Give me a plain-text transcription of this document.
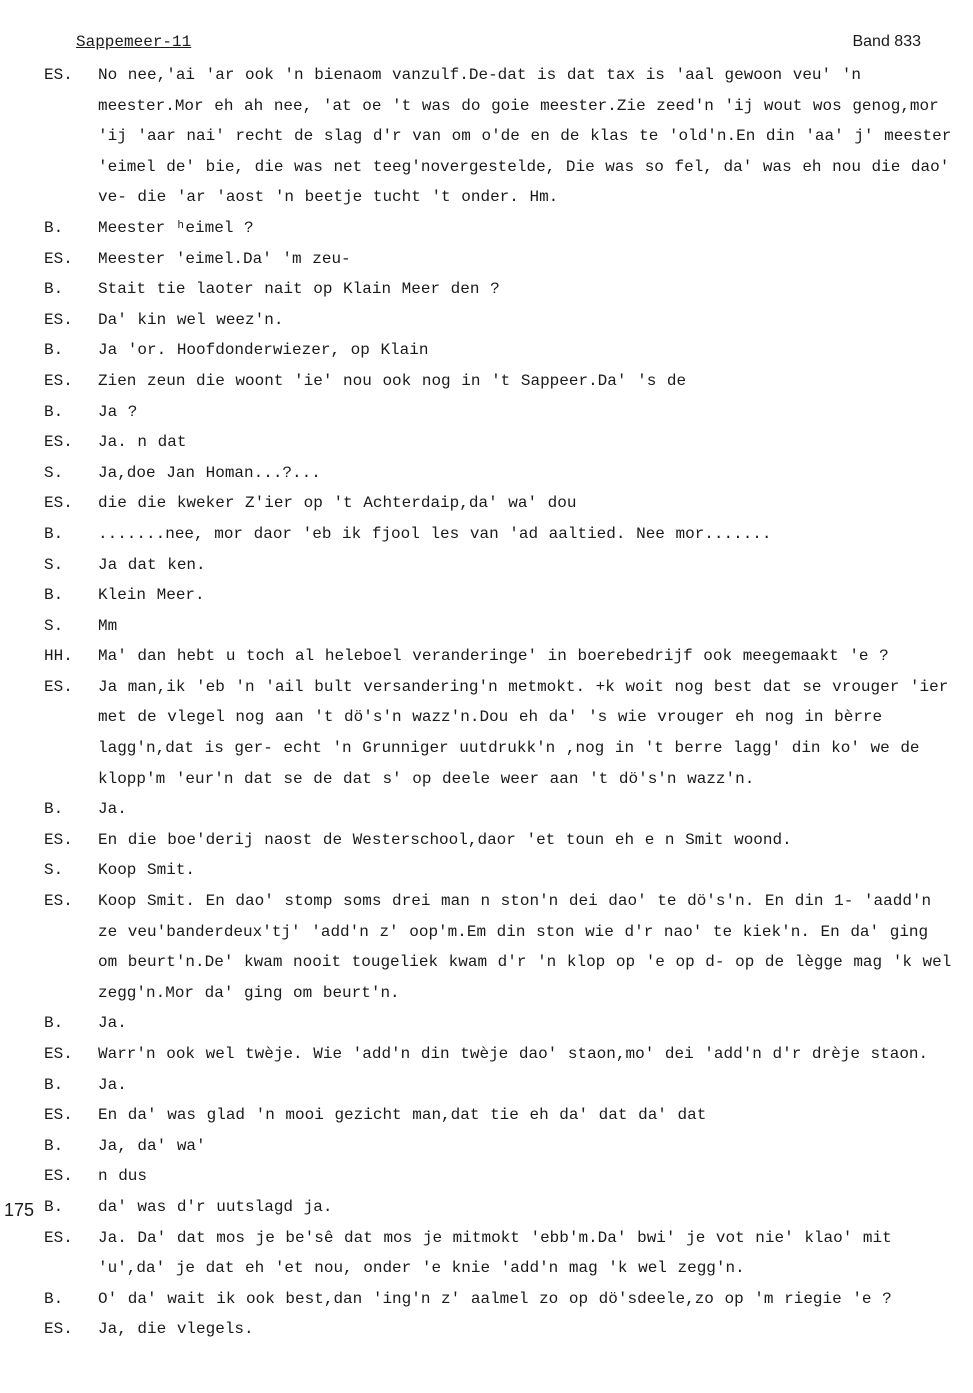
Sappemeer-11	Band 833
175
ES.	No nee,'ai 'ar ook 'n bienaom vanzulf.De-dat is dat tax is 'aal gewoon veu' 'n meester.Mor eh ah nee, 'at oe 't was do goie meester.Zie zeed'n 'ij wout wos genog,mor 'ij 'aar nai' recht de slag d'r van om o'de en de klas te 'old'n.En din 'aa' j' meester 'eimel de' bie, die was net teeg'novergestelde, Die was so fel, da' was eh nou die dao' ve- die 'ar 'aost 'n beetje tucht 't onder. Hm.
B.	Meester ʰeimel ?
ES.	Meester 'eimel.Da' 'm zeu-
B.	Stait tie laoter nait op Klain Meer den ?
ES.	Da' kin wel weez'n.
B.	Ja 'or. Hoofdonderwiezer, op Klain
ES.	Zien zeun die woont 'ie' nou ook nog in 't Sappeer.Da' 's de
B.	Ja ?
ES.	Ja. n dat
S.	Ja,doe Jan Homan...?...
ES.	die die kweker Z'ier op 't Achterdaip,da' wa' dou
B.	.......nee, mor daor 'eb ik fjool les van 'ad aaltied. Nee mor.......
S.	Ja dat ken.
B.	Klein Meer.
S.	Mm
HH.	Ma' dan hebt u toch al heleboel veranderinge' in boerebedrijf ook meegemaakt 'e ?
ES.	Ja man,ik 'eb 'n 'ail bult versandering'n metmokt. +k woit nog best dat se vrouger 'ier met de vlegel nog aan 't dö's'n wazz'n.Dou eh da' 's wie vrouger eh nog in bèrre lagg'n,dat is ger- echt 'n Grunniger uutdrukk'n ,nog in 't berre lagg' din ko' we de klopp'm 'eur'n dat se de dat s' op deele weer aan 't dö's'n wazz'n.
B.	Ja.
ES.	En die boe'derij naost de Westerschool,daor 'et toun eh e n Smit woond.
S.	Koop Smit.
ES.	Koop Smit. En dao' stomp soms drei man n ston'n dei dao' te dö's'n. En din 1- 'aadd'n ze veu'banderdeux'tj' 'add'n z' oop'm.Em din ston wie d'r nao' te kiek'n. En da' ging om beurt'n.De' kwam nooit tougeliek kwam d'r 'n klop op 'e op d- op de lègge mag 'k wel zegg'n.Mor da' ging om beurt'n.
B.	Ja.
ES.	Warr'n ook wel twèje. Wie 'add'n din twèje dao' staon,mo' dei 'add'n d'r drèje staon.
B.	Ja.
ES.	En da' was glad 'n mooi gezicht man,dat tie eh da' dat da' dat
B.	Ja, da' wa'
ES.	n dus
B.	da' was d'r uutslagd ja.
ES.	Ja. Da' dat mos je be'sê dat mos je mitmokt 'ebb'm.Da' bwi' je vot nie' klao' mit 'u',da' je dat eh 'et nou, onder 'e knie 'add'n mag 'k wel zegg'n.
B.	O' da' wait ik ook best,dan 'ing'n z' aalmel zo op dö'sdeele,zo op 'm riegie 'e ?
ES.	Ja, die vlegels.
